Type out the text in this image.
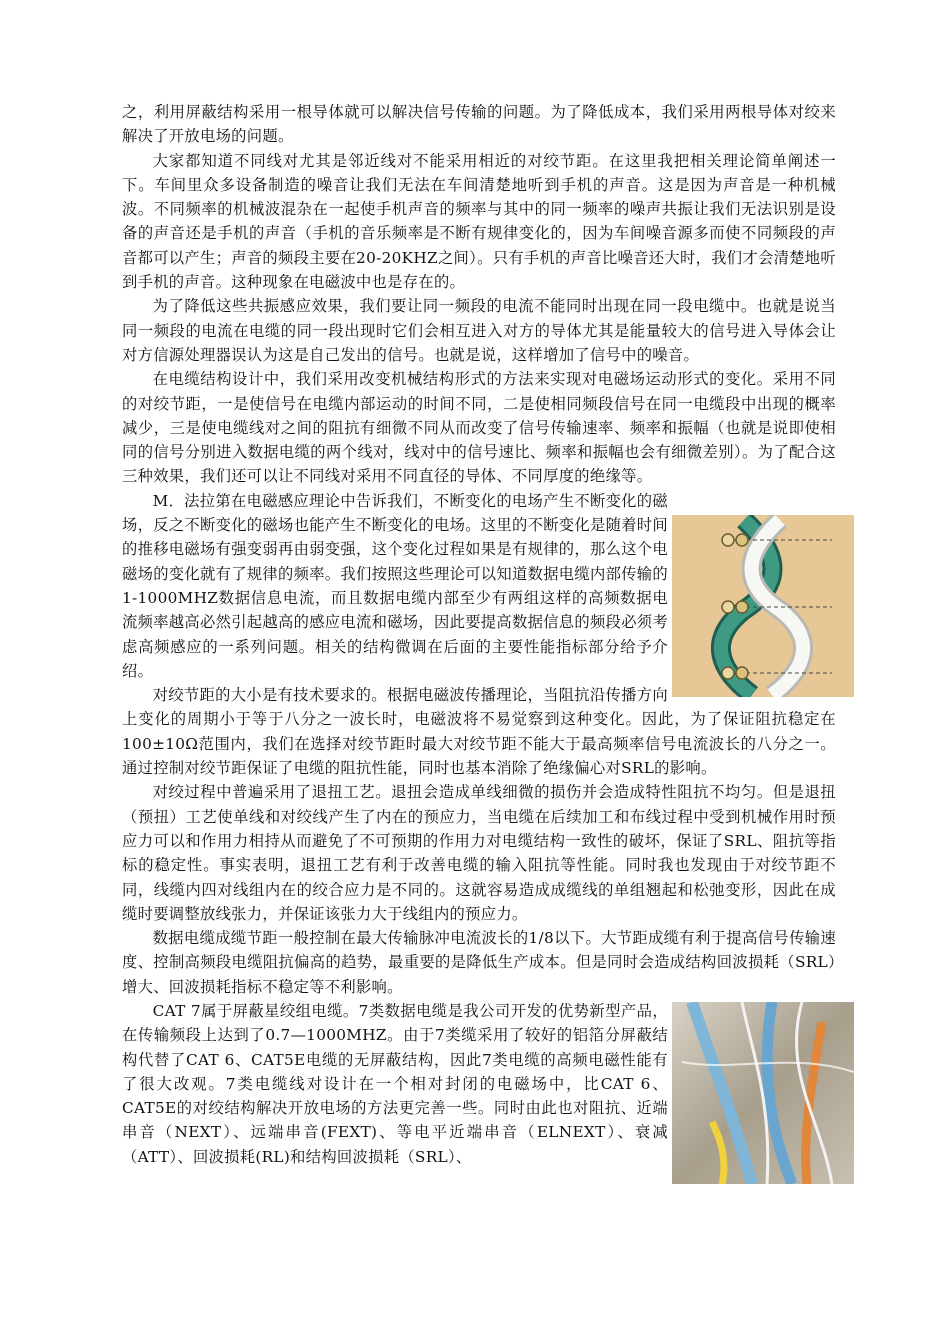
之，利用屏蔽结构采用一根导体就可以解决信号传输的问题。为了降低成本，我们采用两根导体对绞来解决了开放电场的问题。

大家都知道不同线对尤其是邻近线对不能采用相近的对绞节距。在这里我把相关理论简单阐述一下。车间里众多设备制造的噪音让我们无法在车间清楚地听到手机的声音。这是因为声音是一种机械波。不同频率的机械波混杂在一起使手机声音的频率与其中的同一频率的噪声共振让我们无法识别是设备的声音还是手机的声音（手机的音乐频率是不断有规律变化的，因为车间噪音源多而使不同频段的声音都可以产生；声音的频段主要在20-20KHZ之间）。只有手机的声音比噪音还大时，我们才会清楚地听到手机的声音。这种现象在电磁波中也是存在的。

为了降低这些共振感应效果，我们要让同一频段的电流不能同时出现在同一段电缆中。也就是说当同一频段的电流在电缆的同一段出现时它们会相互进入对方的导体尤其是能量较大的信号进入导体会让对方信源处理器误认为这是自己发出的信号。也就是说，这样增加了信号中的噪音。

在电缆结构设计中，我们采用改变机械结构形式的方法来实现对电磁场运动形式的变化。采用不同的对绞节距，一是使信号在电缆内部运动的时间不同，二是使相同频段信号在同一电缆段中出现的概率减少，三是使电缆线对之间的阻抗有细微不同从而改变了信号传输速率、频率和振幅（也就是说即使相同的信号分别进入数据电缆的两个线对，线对中的信号速比、频率和振幅也会有细微差别）。为了配合这三种效果，我们还可以让不同线对采用不同直径的导体、不同厚度的绝缘等。

M．法拉第在电磁感应理论中告诉我们，不断变化的电场产生不断变化的磁场，反之不断变化的磁场也能产生不断变化的电场。这里的不断变化是随着时间的推移电磁场有强变弱再由弱变强，这个变化过程如果是有规律的，那么这个电磁场的变化就有了规律的频率。我们按照这些理论可以知道数据电缆内部传输的1-1000MHZ数据信息电流，而且数据电缆内部至少有两组这样的高频数据电流频率越高必然引起越高的感应电流和磁场，因此要提高数据信息的频段必须考虑高频感应的一系列问题。相关的结构微调在后面的主要性能指标部分给予介绍。

对绞节距的大小是有技术要求的。根据电磁波传播理论，当阻抗沿传播方向上变化的周期小于等于八分之一波长时，电磁波将不易觉察到这种变化。因此，为了保证阻抗稳定在100±10Ω范围内，我们在选择对绞节距时最大对绞节距不能大于最高频率信号电流波长的八分之一。通过控制对绞节距保证了电缆的阻抗性能，同时也基本消除了绝缘偏心对SRL的影响。

对绞过程中普遍采用了退扭工艺。退扭会造成单线细微的损伤并会造成特性阻抗不均匀。但是退扭（预扭）工艺使单线和对绞线产生了内在的预应力，当电缆在后续加工和布线过程中受到机械作用时预应力可以和作用力相持从而避免了不可预期的作用力对电缆结构一致性的破坏，保证了SRL、阻抗等指标的稳定性。事实表明，退扭工艺有利于改善电缆的输入阻抗等性能。同时我也发现由于对绞节距不同，线缆内四对线组内在的绞合应力是不同的。这就容易造成成缆线的单组翘起和松弛变形，因此在成缆时要调整放线张力，并保证该张力大于线组内的预应力。

数据电缆成缆节距一般控制在最大传输脉冲电流波长的1/8以下。大节距成缆有利于提高信号传输速度、控制高频段电缆阻抗偏高的趋势，最重要的是降低生产成本。但是同时会造成结构回波损耗（SRL）增大、回波损耗指标不稳定等不利影响。

CAT 7属于屏蔽星绞组电缆。7类数据电缆是我公司开发的优势新型产品，在传输频段上达到了0.7—1000MHZ。由于7类缆采用了较好的铝箔分屏蔽结构代替了CAT 6、CAT5E电缆的无屏蔽结构，因此7类电缆的高频电磁性能有了很大改观。7类电缆线对设计在一个相对封闭的电磁场中，比CAT 6、CAT5E的对绞结构解决开放电场的方法更完善一些。同时由此也对阻抗、近端串音（NEXT）、远端串音(FEXT)、等电平近端串音（ELNEXT）、衰减（ATT）、回波损耗(RL)和结构回波损耗（SRL）、
